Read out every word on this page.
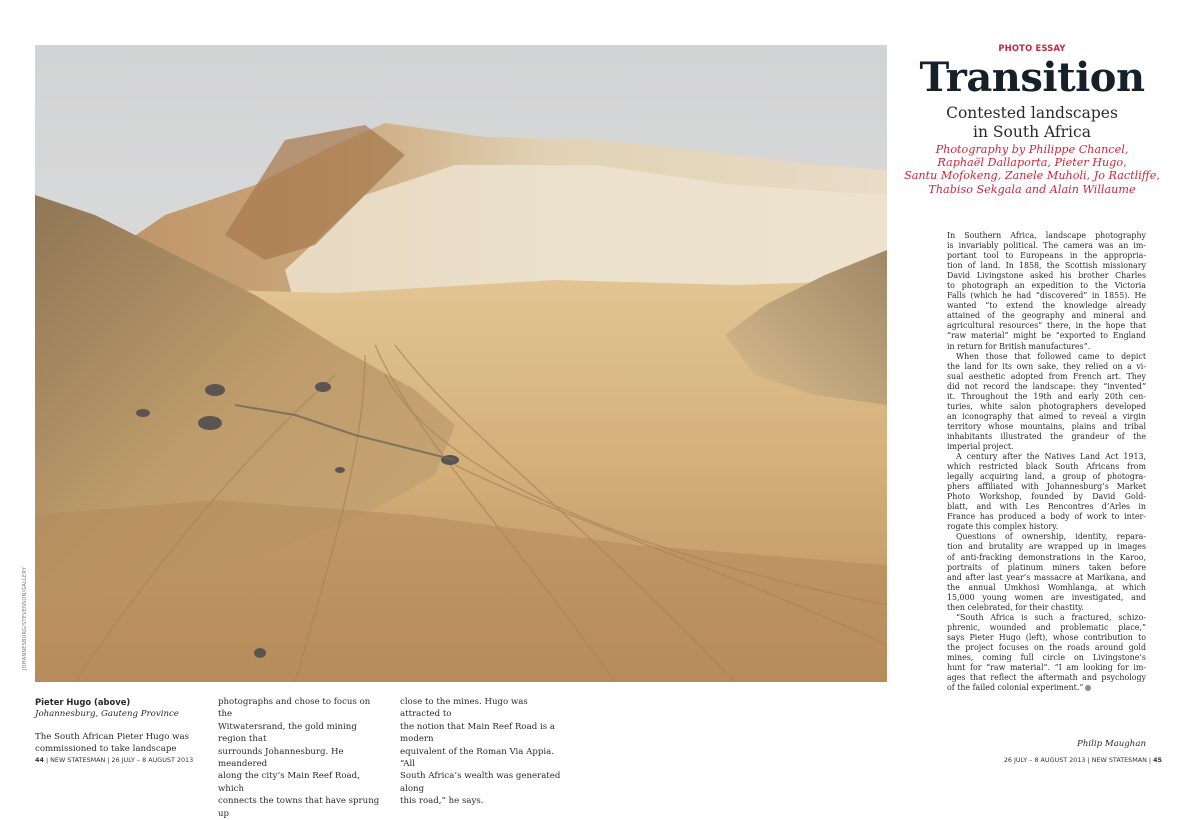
JOHANNESBURG/STEVENSON/GALLERY
Pieter Hugo (above)
Johannesburg, Gauteng Province
The South African Pieter Hugo was
commissioned to take landscape
photographs and chose to focus on the
Witwatersrand, the gold mining region that
surrounds Johannesburg. He meandered
along the city’s Main Reef Road, which
connects the towns that have sprung up
close to the mines. Hugo was attracted to
the notion that Main Reef Road is a modern
equivalent of the Roman Via Appia. “All
South Africa’s wealth was generated along
this road,” he says.
44 | NEW STATESMAN | 26 JULY – 8 AUGUST 2013	26 JULY – 8 AUGUST 2013 | NEW STATESMAN | 45
PHOTO ESSAY
Transition
Contested landscapes
in South Africa
Photography by Philippe Chancel,
Raphaël Dallaporta, Pieter Hugo,
Santu Mofokeng, Zanele Muholi, Jo Ractliffe,
Thabiso Sekgala and Alain Willaume
In Southern Africa, landscape photography
is invariably political. The camera was an im-
portant tool to Europeans in the appropria-
tion of land. In 1858, the Scottish missionary
David Livingstone asked his brother Charles
to photograph an expedition to the Victoria
Falls (which he had “discovered” in 1855). He
wanted “to extend the knowledge already
attained of the geography and mineral and
agricultural resources” there, in the hope that
“raw material” might be “exported to England
in return for British manufactures”.
When those that followed came to depict
the land for its own sake, they relied on a vi-
sual aesthetic adopted from French art. They
did not record the landscape: they “invented”
it. Throughout the 19th and early 20th cen-
turies, white salon photographers developed
an iconography that aimed to reveal a virgin
territory whose mountains, plains and tribal
inhabitants illustrated the grandeur of the
imperial project.
A century after the Natives Land Act 1913,
which restricted black South Africans from
legally acquiring land, a group of photogra-
phers affiliated with Johannesburg’s Market
Photo Workshop, founded by David Gold-
blatt, and with Les Rencontres d’Arles in
France has produced a body of work to inter-
rogate this complex history.
Questions of ownership, identity, repara-
tion and brutality are wrapped up in images
of anti-fracking demonstrations in the Karoo,
portraits of platinum miners taken before
and after last year’s massacre at Marikana, and
the annual Umkhosi Womhlanga, at which
15,000 young women are investigated, and
then celebrated, for their chastity.
“South Africa is such a fractured, schizo-
phrenic, wounded and problematic place,”
says Pieter Hugo (left), whose contribution to
the project focuses on the roads around gold
mines, coming full circle on Livingstone’s
hunt for “raw material”. “I am looking for im-
ages that reflect the aftermath and psychology
of the failed colonial experiment.”
Philip Maughan
